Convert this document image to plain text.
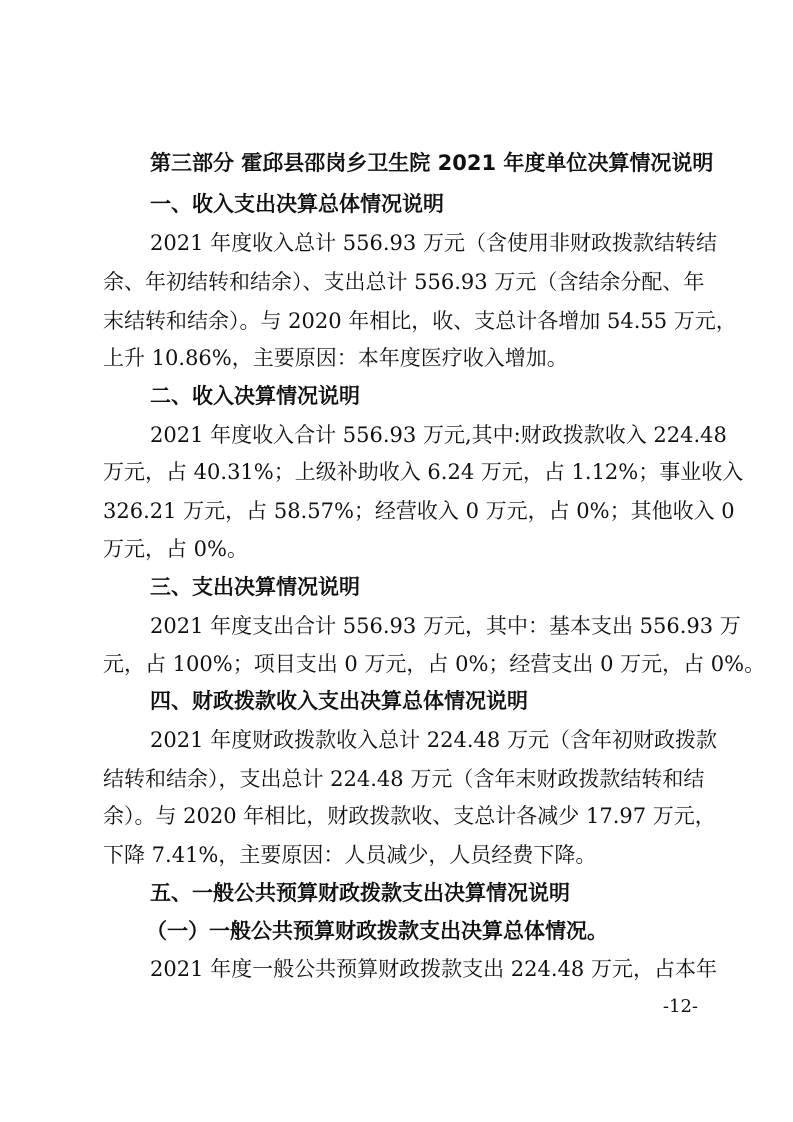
第三部分 霍邱县邵岗乡卫生院 2021 年度单位决算情况说明
一、收入支出决算总体情况说明
2021 年度收入总计 556.93 万元（含使用非财政拨款结转结
余、年初结转和结余）、支出总计 556.93 万元（含结余分配、年
末结转和结余）。与 2020 年相比，收、支总计各增加 54.55 万元，
上升 10.86%，主要原因：本年度医疗收入增加。
二、收入决算情况说明
2021 年度收入合计 556.93 万元,其中:财政拨款收入 224.48
万元，占 40.31%；上级补助收入 6.24 万元，占 1.12%；事业收入
326.21 万元，占 58.57%；经营收入 0 万元，占 0%；其他收入 0
万元，占 0%。
三、支出决算情况说明
2021 年度支出合计 556.93 万元，其中：基本支出 556.93 万
元，占 100%；项目支出 0 万元，占 0%；经营支出 0 万元，占 0%。
四、财政拨款收入支出决算总体情况说明
2021 年度财政拨款收入总计 224.48 万元（含年初财政拨款
结转和结余），支出总计 224.48 万元（含年末财政拨款结转和结
余）。与 2020 年相比，财政拨款收、支总计各减少 17.97 万元，
下降 7.41%，主要原因：人员减少，人员经费下降。
五、一般公共预算财政拨款支出决算情况说明
（一）一般公共预算财政拨款支出决算总体情况。
2021 年度一般公共预算财政拨款支出 224.48 万元，占本年
-12-
